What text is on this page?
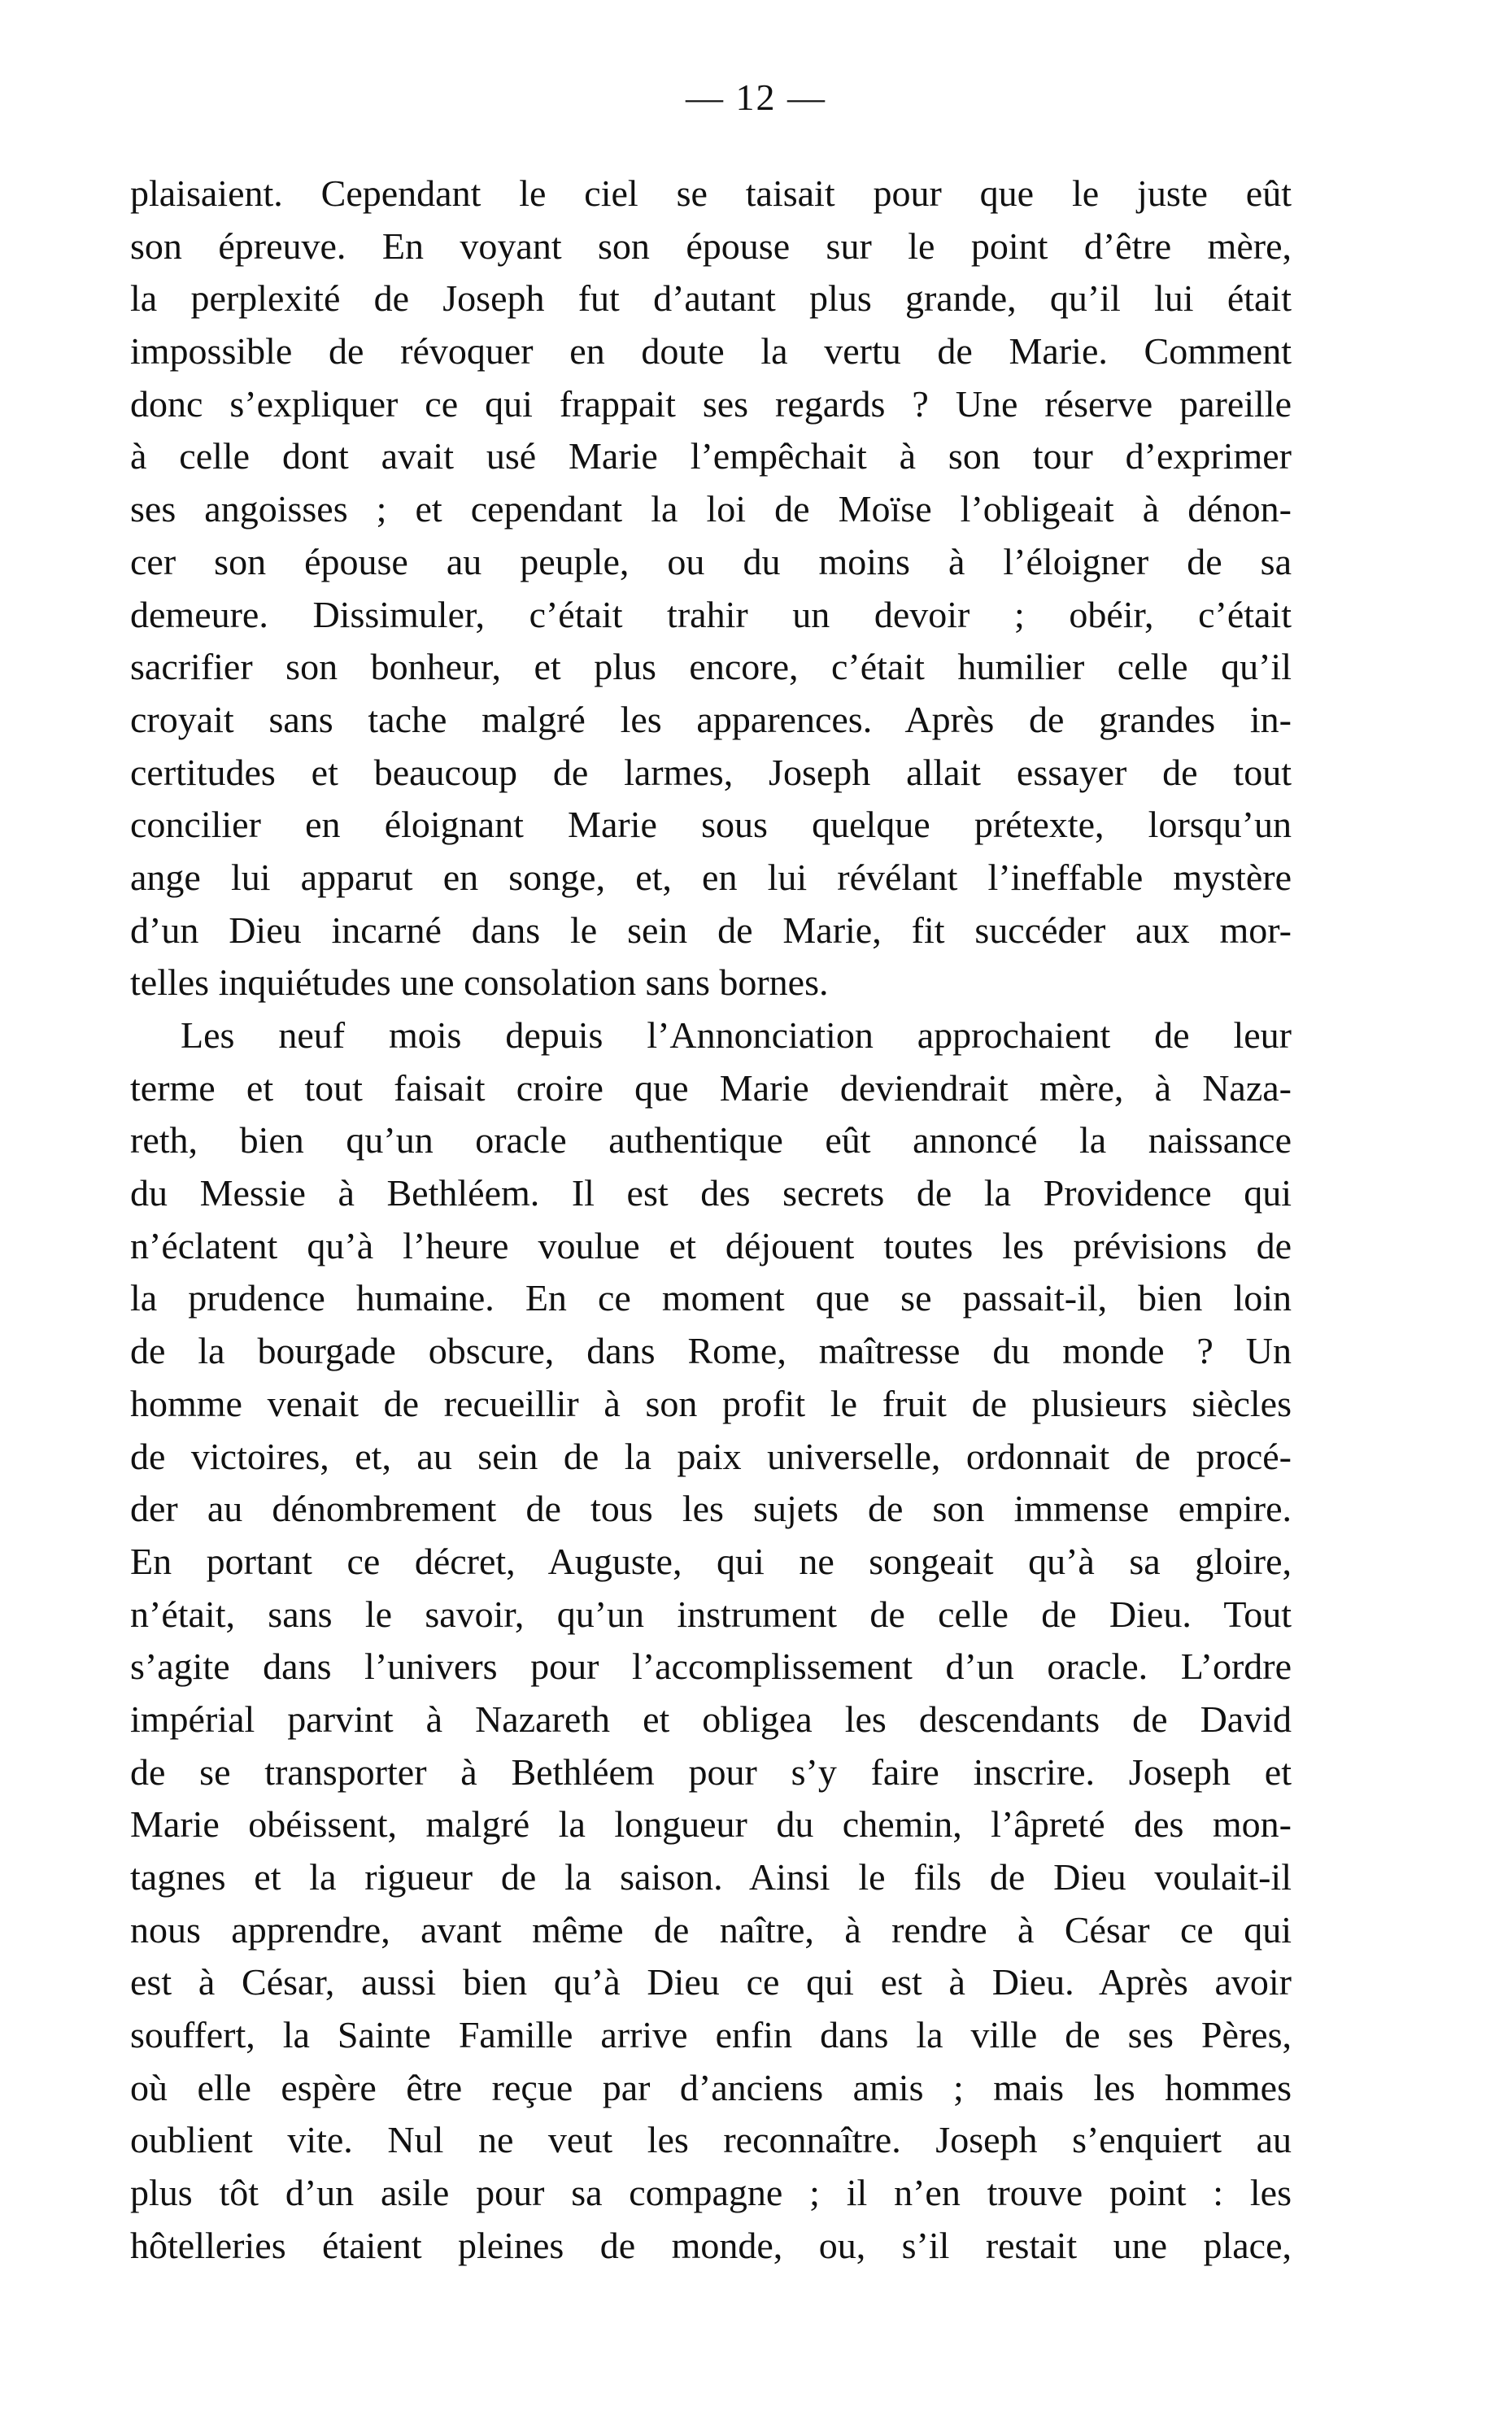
— 12 —
plaisaient. Cependant le ciel se taisait pour que le juste eût
son épreuve. En voyant son épouse sur le point d’être mère,
la perplexité de Joseph fut d’autant plus grande, qu’il lui était
impossible de révoquer en doute la vertu de Marie. Comment
donc s’expliquer ce qui frappait ses regards ? Une réserve pareille
à celle dont avait usé Marie l’empêchait à son tour d’exprimer
ses angoisses ; et cependant la loi de Moïse l’obligeait à dénon-
cer son épouse au peuple, ou du moins à l’éloigner de sa
demeure. Dissimuler, c’était trahir un devoir ; obéir, c’était
sacrifier son bonheur, et plus encore, c’était humilier celle qu’il
croyait sans tache malgré les apparences. Après de grandes in-
certitudes et beaucoup de larmes, Joseph allait essayer de tout
concilier en éloignant Marie sous quelque prétexte, lorsqu’un
ange lui apparut en songe, et, en lui révélant l’ineffable mystère
d’un Dieu incarné dans le sein de Marie, fit succéder aux mor-
telles inquiétudes une consolation sans bornes.
Les neuf mois depuis l’Annonciation approchaient de leur
terme et tout faisait croire que Marie deviendrait mère, à Naza-
reth, bien qu’un oracle authentique eût annoncé la naissance
du Messie à Bethléem. Il est des secrets de la Providence qui
n’éclatent qu’à l’heure voulue et déjouent toutes les prévisions de
la prudence humaine. En ce moment que se passait-il, bien loin
de la bourgade obscure, dans Rome, maîtresse du monde ? Un
homme venait de recueillir à son profit le fruit de plusieurs siècles
de victoires, et, au sein de la paix universelle, ordonnait de procé-
der au dénombrement de tous les sujets de son immense empire.
En portant ce décret, Auguste, qui ne songeait qu’à sa gloire,
n’était, sans le savoir, qu’un instrument de celle de Dieu. Tout
s’agite dans l’univers pour l’accomplissement d’un oracle. L’ordre
impérial parvint à Nazareth et obligea les descendants de David
de se transporter à Bethléem pour s’y faire inscrire. Joseph et
Marie obéissent, malgré la longueur du chemin, l’âpreté des mon-
tagnes et la rigueur de la saison. Ainsi le fils de Dieu voulait-il
nous apprendre, avant même de naître, à rendre à César ce qui
est à César, aussi bien qu’à Dieu ce qui est à Dieu. Après avoir
souffert, la Sainte Famille arrive enfin dans la ville de ses Pères,
où elle espère être reçue par d’anciens amis ; mais les hommes
oublient vite. Nul ne veut les reconnaître. Joseph s’enquiert au
plus tôt d’un asile pour sa compagne ; il n’en trouve point : les
hôtelleries étaient pleines de monde, ou, s’il restait une place,
